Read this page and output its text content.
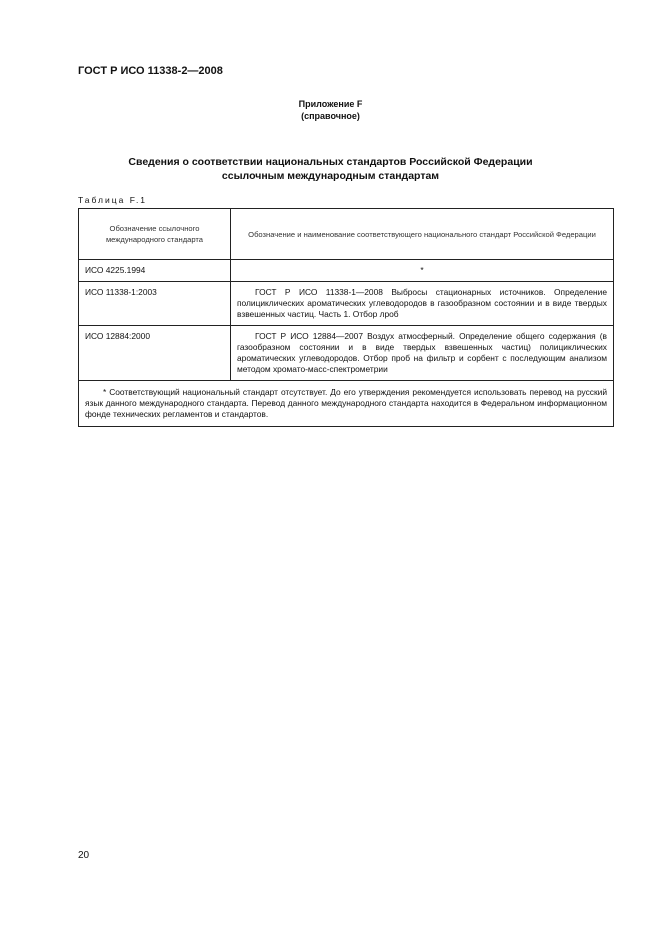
ГОСТ Р ИСО 11338-2—2008
Приложение F
(справочное)
Сведения о соответствии национальных стандартов Российской Федерации
ссылочным международным стандартам
Таблица F.1
Обозначение ссылочного международного стандарта	Обозначение и наименование соответствующего национального стандарт Российской Федерации
ИСО 4225.1994	*
ИСО 11338-1:2003	ГОСТ Р ИСО 11338-1—2008 Выбросы стационарных источников. Определение полициклических ароматических углеводородов в газообразном состоянии и в виде твердых взвешенных частиц. Часть 1. Отбор лроб
ИСО 12884:2000	ГОСТ Р ИСО 12884—2007 Воздух атмосферный. Определение общего содержания (в газообразном состоянии и в виде твердых взвешенных частиц) полициклических ароматических углеводородов. Отбор проб на фильтр и сорбент с последующим анализом методом хромато-масс-спектрометрии
* Соответствующий национальный стандарт отсутствует. До его утверждения рекомендуется использовать перевод на русский язык данного международного стандарта. Перевод данного международного стандарта находится в Федеральном информационном фонде технических регламентов и стандартов.	
20
